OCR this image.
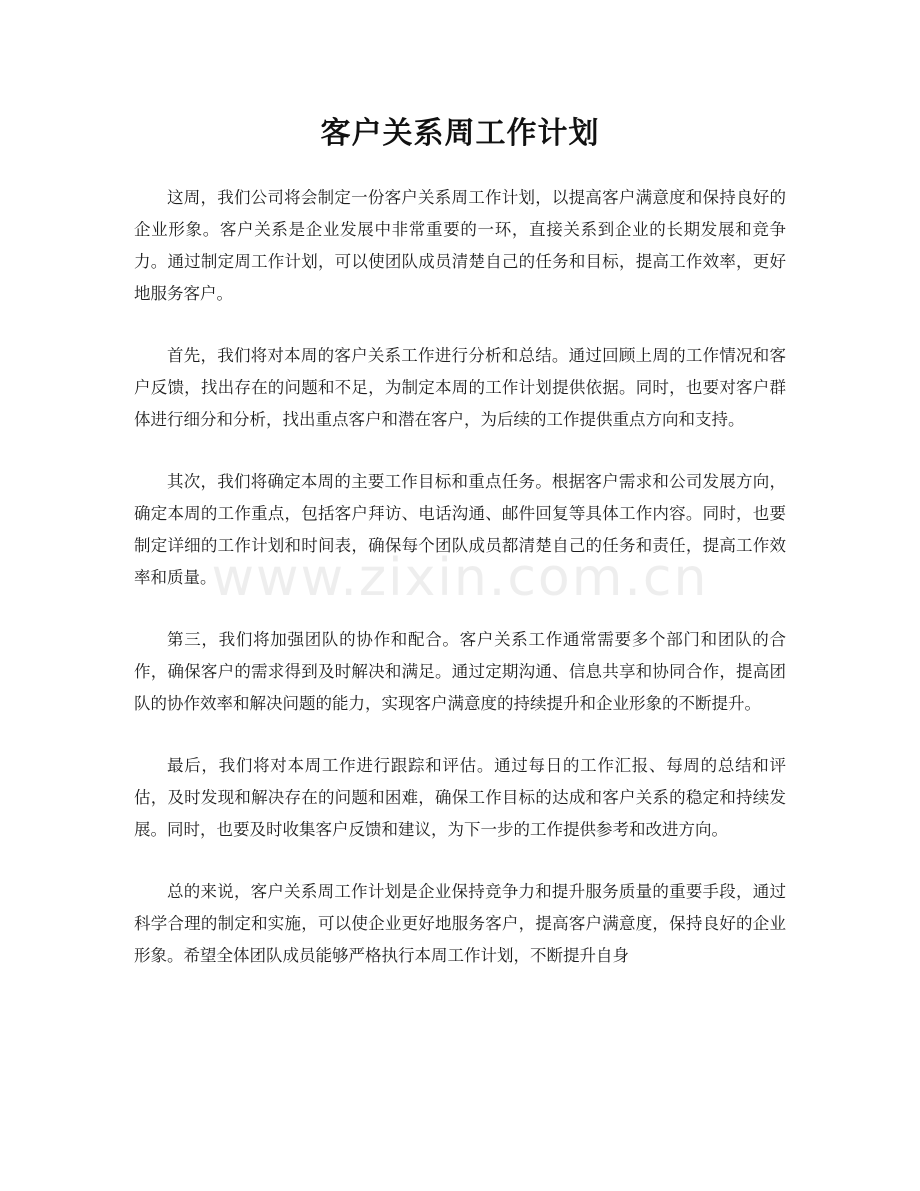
客户关系周工作计划
www.zixin.com.cn

这周，我们公司将会制定一份客户关系周工作计划，以提高客户满意度和保持良好的企业形象。客户关系是企业发展中非常重要的一环，直接关系到企业的长期发展和竞争力。通过制定周工作计划，可以使团队成员清楚自己的任务和目标，提高工作效率，更好地服务客户。

首先，我们将对本周的客户关系工作进行分析和总结。通过回顾上周的工作情况和客户反馈，找出存在的问题和不足，为制定本周的工作计划提供依据。同时，也要对客户群体进行细分和分析，找出重点客户和潜在客户，为后续的工作提供重点方向和支持。

其次，我们将确定本周的主要工作目标和重点任务。根据客户需求和公司发展方向，确定本周的工作重点，包括客户拜访、电话沟通、邮件回复等具体工作内容。同时，也要制定详细的工作计划和时间表，确保每个团队成员都清楚自己的任务和责任，提高工作效率和质量。

第三，我们将加强团队的协作和配合。客户关系工作通常需要多个部门和团队的合作，确保客户的需求得到及时解决和满足。通过定期沟通、信息共享和协同合作，提高团队的协作效率和解决问题的能力，实现客户满意度的持续提升和企业形象的不断提升。

最后，我们将对本周工作进行跟踪和评估。通过每日的工作汇报、每周的总结和评估，及时发现和解决存在的问题和困难，确保工作目标的达成和客户关系的稳定和持续发展。同时，也要及时收集客户反馈和建议，为下一步的工作提供参考和改进方向。

总的来说，客户关系周工作计划是企业保持竞争力和提升服务质量的重要手段，通过科学合理的制定和实施，可以使企业更好地服务客户，提高客户满意度，保持良好的企业形象。希望全体团队成员能够严格执行本周工作计划，不断提升自身
